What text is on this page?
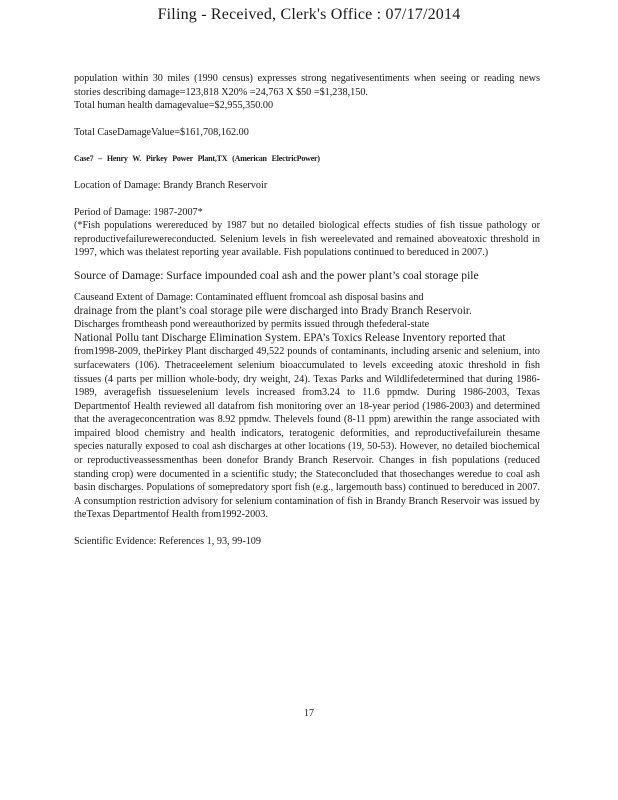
Filing - Received, Clerk's Office : 07/17/2014

population within 30 miles (1990 census) expresses strong negativesentiments when seeing or reading news stories describing damage=123,818 X20% =24,763 X $50 =$1,238,150.

Total human health damagevalue=$2,955,350.00

Total CaseDamageValue=$161,708,162.00

Case7 – Henry W. Pirkey Power Plant,TX (American ElectricPower)

Location of Damage: Brandy Branch Reservoir

Period of Damage: 1987-2007*

(*Fish populations werereduced by 1987 but no detailed biological effects studies of fish tissue pathology or reproductivefailurewereconducted. Selenium levels in fish wereelevated and remained aboveatoxic threshold in 1997, which was thelatest reporting year available. Fish populations continued to bereduced in 2007.)

Source of Damage: Surface impounded coal ash and the power plant’s coal storage pile

Causeand Extent of Damage: Contaminated effluent fromcoal ash disposal basins and

drainage from the plant’s coal storage pile were discharged into Brady Branch Reservoir.

Discharges fromtheash pond wereauthorized by permits issued through thefederal-state

National Pollu tant Discharge Elimination System. EPA’s Toxics Release Inventory reported that

from1998-2009, thePirkey Plant discharged 49,522 pounds of contaminants, including arsenic and selenium, into surfacewaters (106). Thetraceelement selenium bioaccumulated to levels exceeding atoxic threshold in fish tissues (4 parts per million whole-body, dry weight, 24). Texas Parks and Wildlifedetermined that during 1986-1989, averagefish tissueselenium levels increased from3.24 to 11.6 ppmdw. During 1986-2003, Texas Departmentof Health reviewed all datafrom fish monitoring over an 18-year period (1986-2003) and determined that the averageconcentration was 8.92 ppmdw. Thelevels found (8-11 ppm) arewithin the range associated with impaired blood chemistry and health indicators, teratogenic deformities, and reproductivefailurein thesame species naturally exposed to coal ash discharges at other locations (19, 50-53). However, no detailed biochemical or reproductiveassessmenthas been donefor Brandy Branch Reservoir. Changes in fish populations (reduced standing crop) were documented in a scientific study; the Stateconcluded that thosechanges weredue to coal ash basin discharges. Populations of somepredatory sport fish (e.g., largemouth bass) continued to bereduced in 2007. A consumption restriction advisory for selenium contamination of fish in Brandy Branch Reservoir was issued by theTexas Departmentof Health from1992-2003.

Scientific Evidence: References 1, 93, 99-109

17
